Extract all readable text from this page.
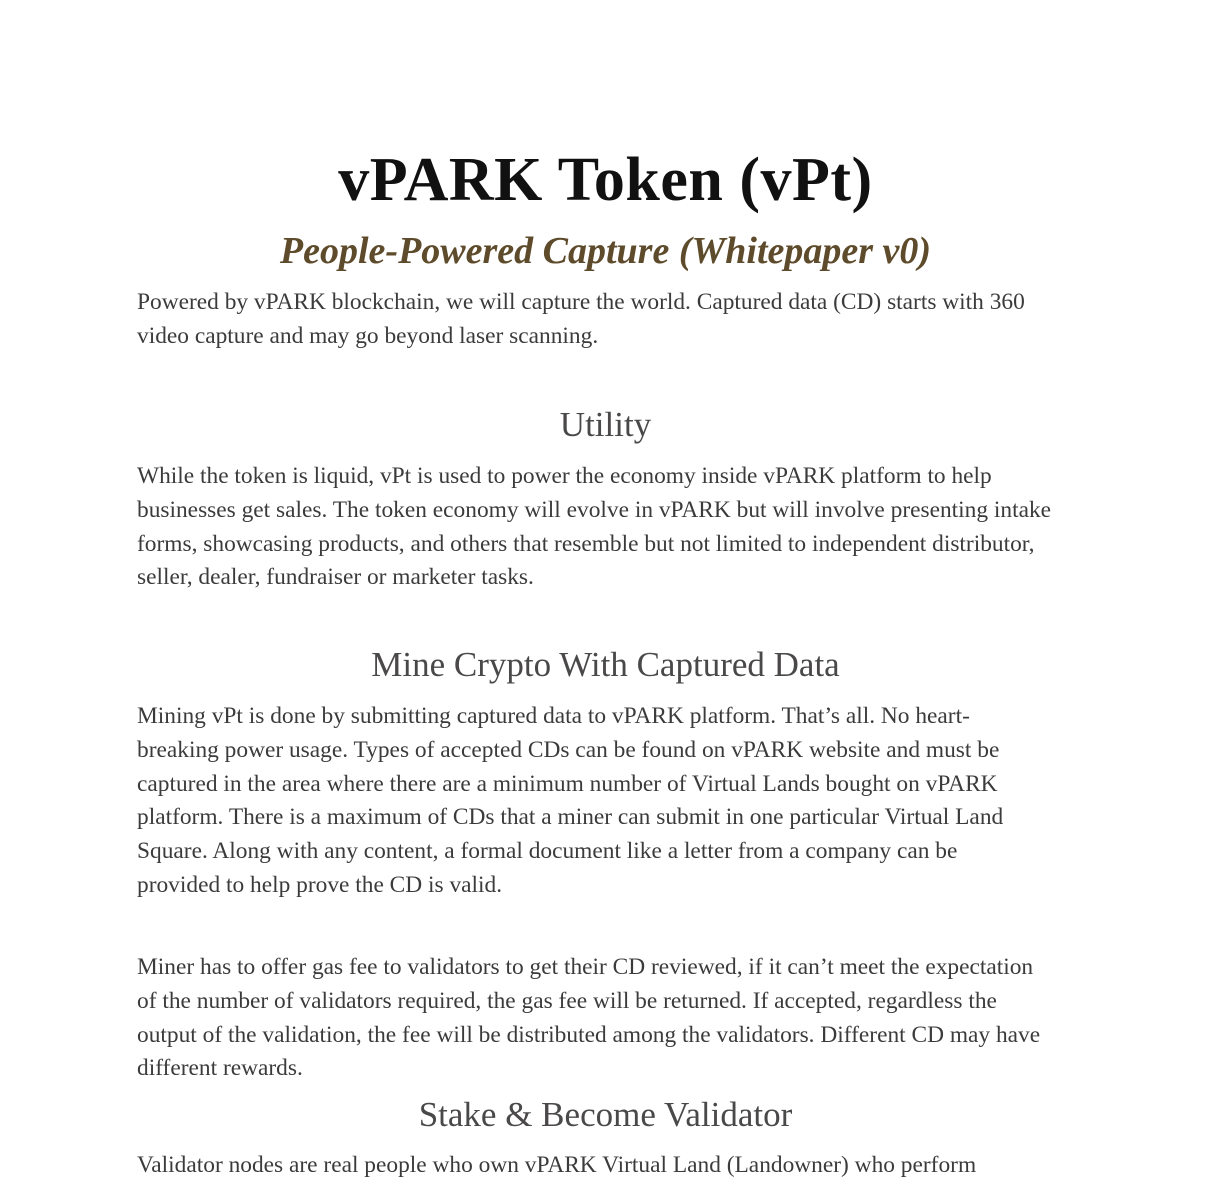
vPARK Token (vPt)
People-Powered Capture (Whitepaper v0)

Powered by vPARK blockchain, we will capture the world. Captured data (CD) starts with 360
video capture and may go beyond laser scanning.

Utility

While the token is liquid, vPt is used to power the economy inside vPARK platform to help
businesses get sales. The token economy will evolve in vPARK but will involve presenting intake
forms, showcasing products, and others that resemble but not limited to independent distributor,
seller, dealer, fundraiser or marketer tasks.

Mine Crypto With Captured Data

Mining vPt is done by submitting captured data to vPARK platform. That’s all. No heart-
breaking power usage. Types of accepted CDs can be found on vPARK website and must be
captured in the area where there are a minimum number of Virtual Lands bought on vPARK
platform. There is a maximum of CDs that a miner can submit in one particular Virtual Land
Square. Along with any content, a formal document like a letter from a company can be
provided to help prove the CD is valid.

Miner has to offer gas fee to validators to get their CD reviewed, if it can’t meet the expectation
of the number of validators required, the gas fee will be returned. If accepted, regardless the
output of the validation, the fee will be distributed among the validators. Different CD may have
different rewards.

Stake & Become Validator

Validator nodes are real people who own vPARK Virtual Land (Landowner) who perform
